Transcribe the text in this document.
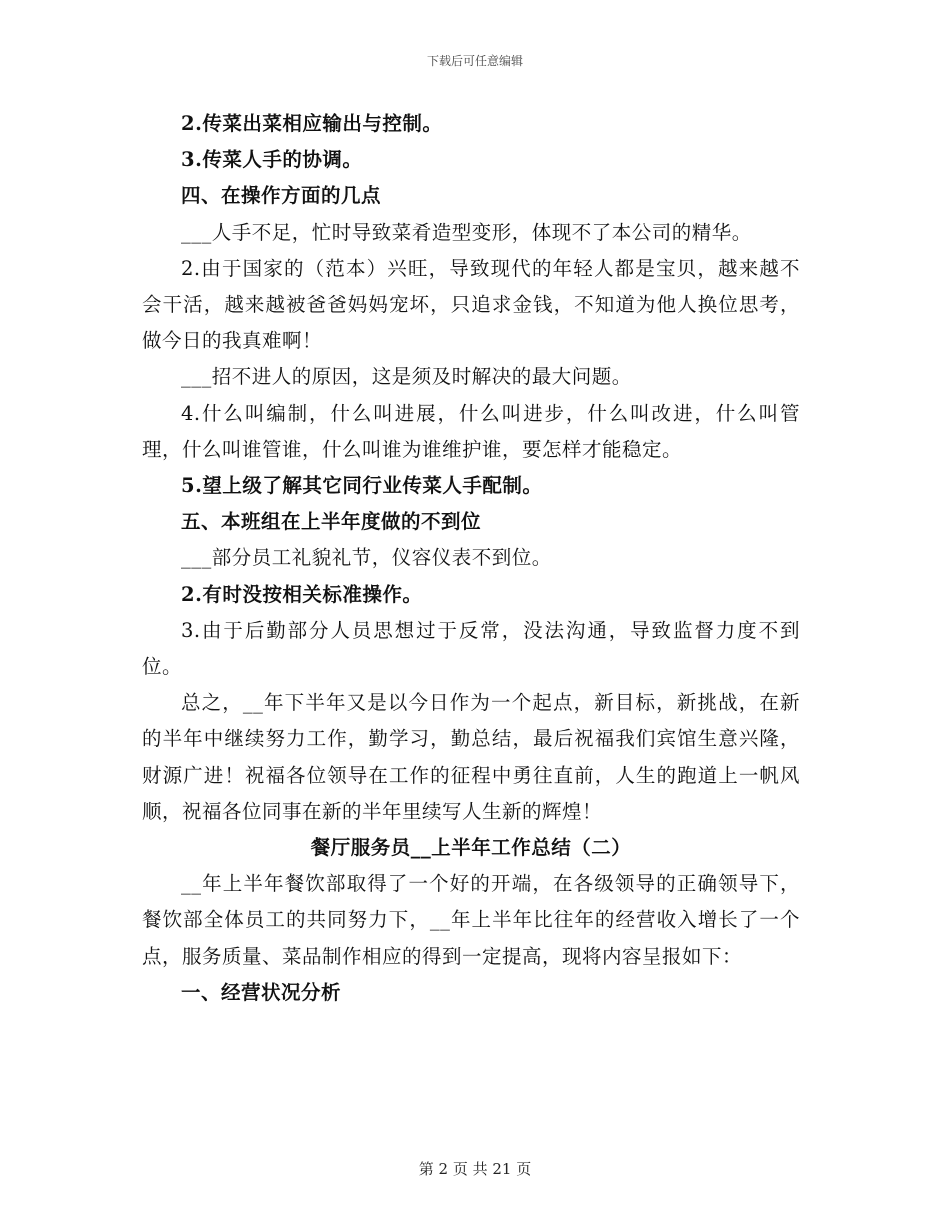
下载后可任意编辑

2.传菜出菜相应输出与控制。

3.传菜人手的协调。

四、在操作方面的几点

___人手不足，忙时导致菜肴造型变形，体现不了本公司的精华。

2.由于国家的（范本）兴旺，导致现代的年轻人都是宝贝，越来越不会干活，越来越被爸爸妈妈宠坏，只追求金钱，不知道为他人换位思考，做今日的我真难啊！

___招不进人的原因，这是须及时解决的最大问题。

4.什么叫编制，什么叫进展，什么叫进步，什么叫改进，什么叫管理，什么叫谁管谁，什么叫谁为谁维护谁，要怎样才能稳定。

5.望上级了解其它同行业传菜人手配制。

五、本班组在上半年度做的不到位

___部分员工礼貌礼节，仪容仪表不到位。

2.有时没按相关标准操作。

3.由于后勤部分人员思想过于反常，没法沟通，导致监督力度不到位。

总之，__年下半年又是以今日作为一个起点，新目标，新挑战，在新的半年中继续努力工作，勤学习，勤总结，最后祝福我们宾馆生意兴隆，财源广进！祝福各位领导在工作的征程中勇往直前，人生的跑道上一帆风顺，祝福各位同事在新的半年里续写人生新的辉煌！

餐厅服务员__上半年工作总结（二）

__年上半年餐饮部取得了一个好的开端，在各级领导的正确领导下，餐饮部全体员工的共同努力下，__年上半年比往年的经营收入增长了一个点，服务质量、菜品制作相应的得到一定提高，现将内容呈报如下：

一、经营状况分析

第 2 页 共 21 页
